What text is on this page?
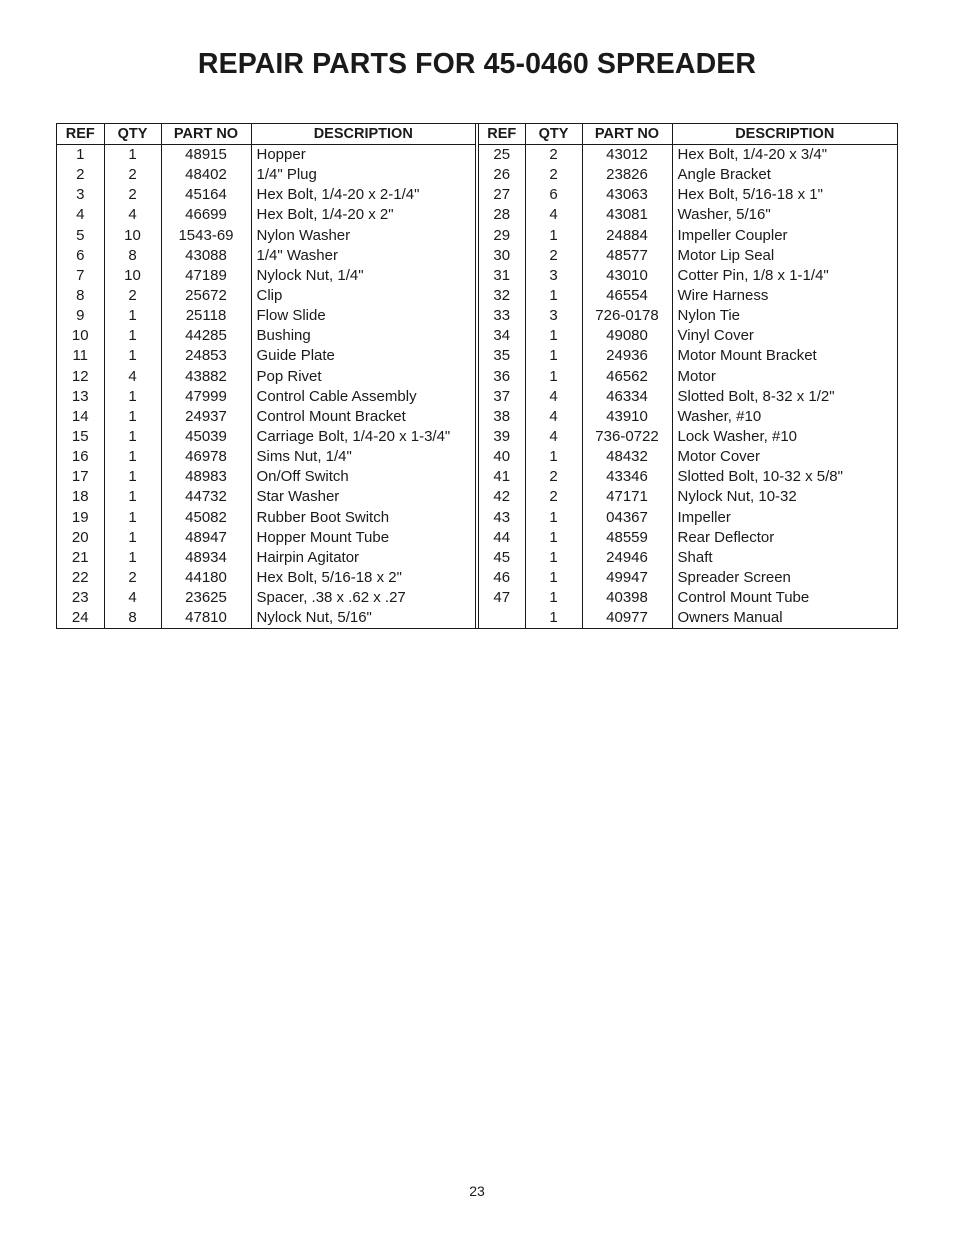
REPAIR PARTS FOR 45-0460 SPREADER
REF	QTY	PART NO	DESCRIPTION
1	1	48915	Hopper
2	2	48402	1/4" Plug
3	2	45164	Hex Bolt, 1/4-20 x 2-1/4"
4	4	46699	Hex Bolt, 1/4-20 x 2"
5	10	1543-69	Nylon Washer
6	8	43088	1/4" Washer
7	10	47189	Nylock Nut, 1/4"
8	2	25672	Clip
9	1	25118	Flow Slide
10	1	44285	Bushing
11	1	24853	Guide Plate
12	4	43882	Pop Rivet
13	1	47999	Control Cable Assembly
14	1	24937	Control Mount Bracket
15	1	45039	Carriage Bolt, 1/4-20 x 1-3/4"
16	1	46978	Sims Nut, 1/4"
17	1	48983	On/Off Switch
18	1	44732	Star Washer
19	1	45082	Rubber Boot Switch
20	1	48947	Hopper Mount Tube
21	1	48934	Hairpin Agitator
22	2	44180	Hex Bolt, 5/16-18 x 2"
23	4	23625	Spacer, .38 x .62 x .27
24	8	47810	Nylock Nut, 5/16"
REF	QTY	PART NO	DESCRIPTION
25	2	43012	Hex Bolt, 1/4-20 x 3/4"
26	2	23826	Angle Bracket
27	6	43063	Hex Bolt, 5/16-18 x 1"
28	4	43081	Washer, 5/16"
29	1	24884	Impeller Coupler
30	2	48577	Motor Lip Seal
31	3	43010	Cotter Pin, 1/8 x 1-1/4"
32	1	46554	Wire Harness
33	3	726-0178	Nylon Tie
34	1	49080	Vinyl Cover
35	1	24936	Motor Mount Bracket
36	1	46562	Motor
37	4	46334	Slotted Bolt, 8-32 x 1/2"
38	4	43910	Washer, #10
39	4	736-0722	Lock Washer, #10
40	1	48432	Motor Cover
41	2	43346	Slotted Bolt, 10-32 x 5/8"
42	2	47171	Nylock Nut, 10-32
43	1	04367	Impeller
44	1	48559	Rear Deflector
45	1	24946	Shaft
46	1	49947	Spreader Screen
47	1	40398	Control Mount Tube
	1	40977	Owners Manual
23
